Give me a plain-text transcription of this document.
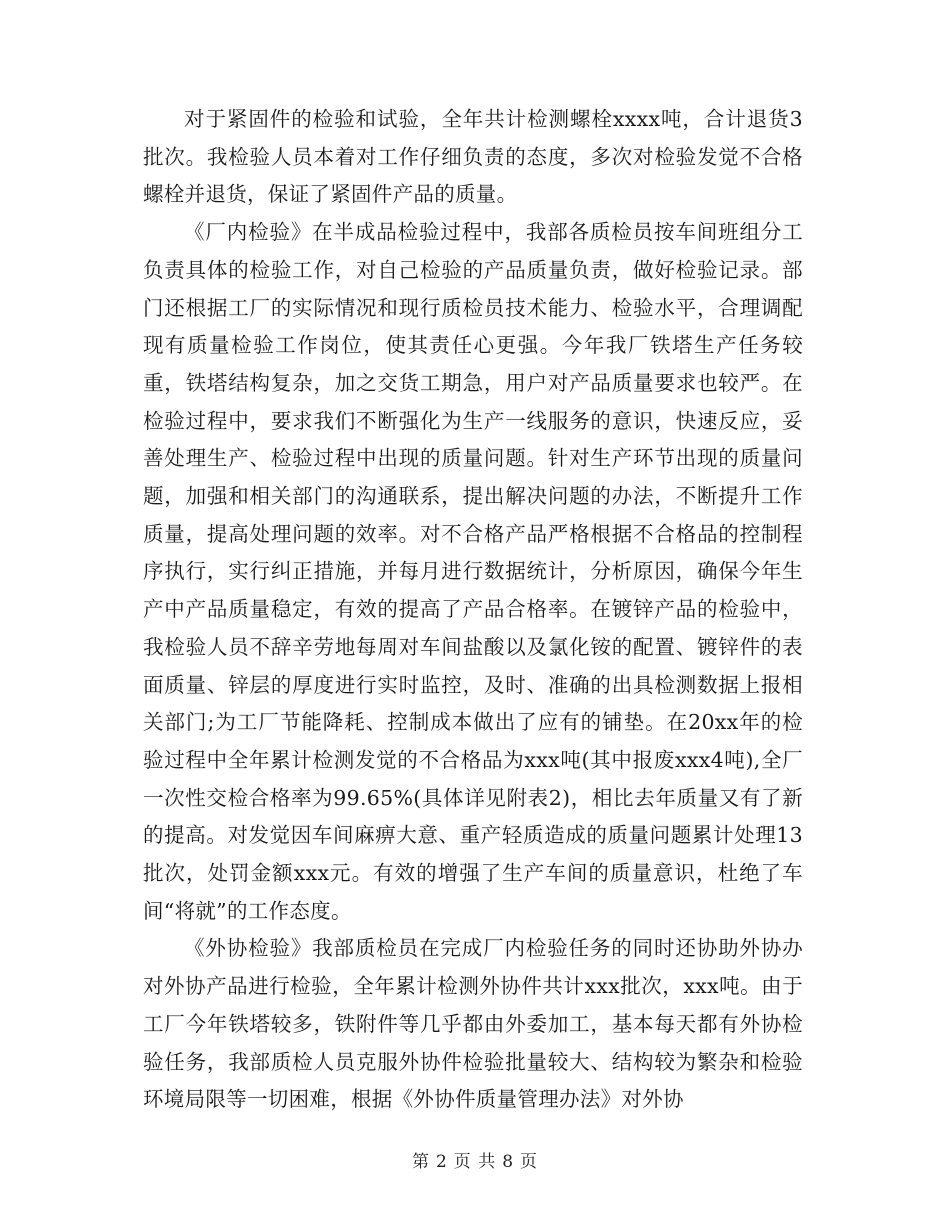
对于紧固件的检验和试验，全年共计检测螺栓xxxx吨，合计退货3批次。我检验人员本着对工作仔细负责的态度，多次对检验发觉不合格螺栓并退货，保证了紧固件产品的质量。

《厂内检验》在半成品检验过程中，我部各质检员按车间班组分工负责具体的检验工作，对自己检验的产品质量负责，做好检验记录。部门还根据工厂的实际情况和现行质检员技术能力、检验水平，合理调配现有质量检验工作岗位，使其责任心更强。今年我厂铁塔生产任务较重，铁塔结构复杂，加之交货工期急，用户对产品质量要求也较严。在检验过程中，要求我们不断强化为生产一线服务的意识，快速反应，妥善处理生产、检验过程中出现的质量问题。针对生产环节出现的质量问题，加强和相关部门的沟通联系，提出解决问题的办法，不断提升工作质量，提高处理问题的效率。对不合格产品严格根据不合格品的控制程序执行，实行纠正措施，并每月进行数据统计，分析原因，确保今年生产中产品质量稳定，有效的提高了产品合格率。在镀锌产品的检验中，我检验人员不辞辛劳地每周对车间盐酸以及氯化铵的配置、镀锌件的表面质量、锌层的厚度进行实时监控，及时、准确的出具检测数据上报相关部门;为工厂节能降耗、控制成本做出了应有的铺垫。在20xx年的检验过程中全年累计检测发觉的不合格品为xxx吨(其中报废xxx4吨),全厂一次性交检合格率为99.65%(具体详见附表2)，相比去年质量又有了新的提高。对发觉因车间麻痹大意、重产轻质造成的质量问题累计处理13批次，处罚金额xxx元。有效的增强了生产车间的质量意识，杜绝了车间“将就”的工作态度。

《外协检验》我部质检员在完成厂内检验任务的同时还协助外协办对外协产品进行检验，全年累计检测外协件共计xxx批次，xxx吨。由于工厂今年铁塔较多，铁附件等几乎都由外委加工，基本每天都有外协检验任务，我部质检人员克服外协件检验批量较大、结构较为繁杂和检验环境局限等一切困难，根据《外协件质量管理办法》对外协

第 2 页 共 8 页
